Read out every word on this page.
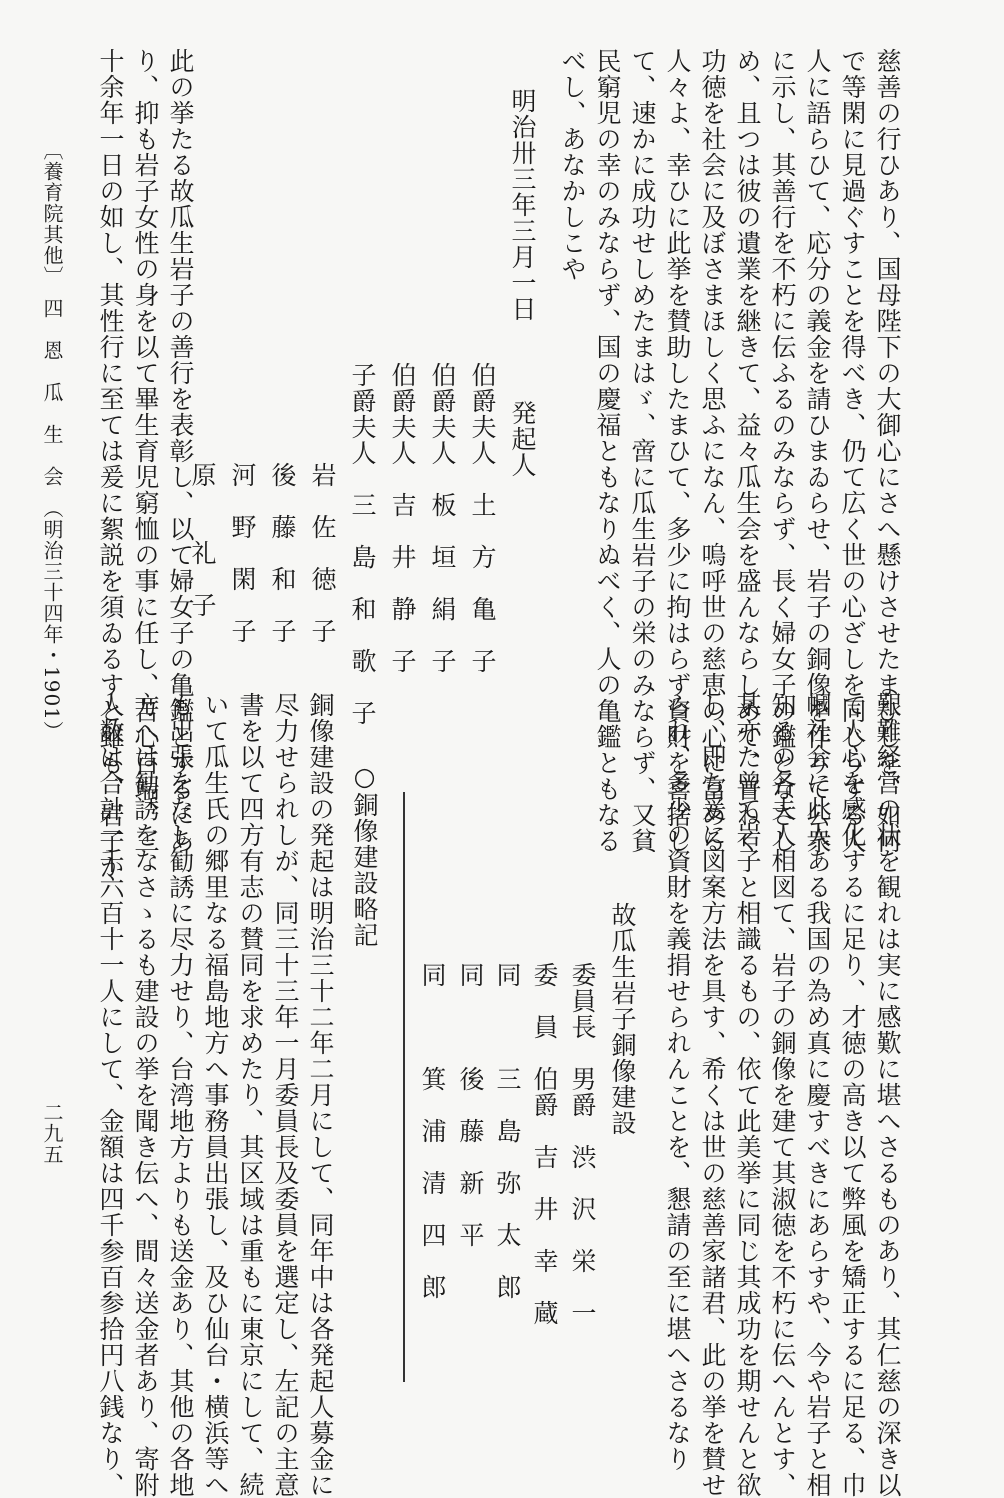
慈善の行ひあり、国母陛下の大御心にさへ懸けさせたまひしを、如何
で等閑に見過ぐすことを得べき、仍て広く世の心ざしを同じうする人
人に語らひて、応分の義金を請ひまゐらせ、岩子の銅像を作りて公衆
に示し、其善行を不朽に伝ふるのみならず、長く婦女子の鑑となさし
め、且つは彼の遺業を継きて、益々瓜生会を盛んならしめて、普ねく
功徳を社会に及ぼさまほしく思ふになん、嗚呼世の慈恵の心に富める
人々よ、幸ひに此挙を賛助したまひて、多少に拘はらず資財を喜捨し
て、速かに成功せしめたまはゞ、啻に瓜生岩子の栄のみならず、又貧
民窮児の幸のみならず、国の慶福ともなりぬべく、人の亀鑑ともなる
べし、あなかしこや
明治卅三年三月一日
発起人
伯爵夫人　土　方　亀　子
伯爵夫人　板　垣　絹　子
伯爵夫人　吉　井　静　子
子爵夫人　三　島　和　歌　子
岩　佐　徳　子
後　藤　和　子
河　野　閑　子
原　　礼　子
此の挙たる故瓜生岩子の善行を表彰し、以て婦女子の亀鑑とするにあ
り、抑も岩子女性の身を以て畢生育児窮恤の事に任し、苦心百端、三
十余年一日の如し、其性行に至ては爰に絮説を須ゐるすと雖も、岩子か
〔養育院其他〕　四　恩　瓜　生　会　（明治三十四年・1901）
艱難経営の状を観れは実に感歎に堪へさるものあり、其仁慈の深き以
て人心を感化するに足り、才徳の高き以て弊風を矯正するに足る、巾
幗社会に此人ある我国の為め真に慶すべきにあらすや、今や岩子と相
知るの各夫人相図て、岩子の銅像を建て其淑徳を不朽に伝へんとす、
某亦た曾て岩子と相識るもの、依て此美挙に同じ其成功を期せんと欲
し、即ち爰に図案方法を具す、希くは世の慈善家諸君、此の挙を賛せ
られ、多少の資財を義捐せられんことを、懇請の至に堪へさるなり
故瓜生岩子銅像建設
委員長　男爵　渋　沢　栄　一
委　員　伯爵　吉　井　幸　蔵
同　　　三　島　弥　太　郎
同　　　後　藤　新　平
同　　　箕　浦　清　四　郎
○銅像建設略記
銅像建設の発起は明治三十二年二月にして、同年中は各発起人募金に
尽力せられしが、同三十三年一月委員長及委員を選定し、左記の主意
書を以て四方有志の賛同を求めたり、其区域は重もに東京にして、続
いて瓜生氏の郷里なる福島地方へ事務員出張し、及ひ仙台・横浜等へ
も出張をなし勧誘に尽力せり、台湾地方よりも送金あり、其他の各地
方へは勧誘をなさゝるも建設の挙を聞き伝へ、間々送金者あり、寄附
人数は合計一千六百十一人にして、金額は四千参百参拾円八銭なり、
二九五
